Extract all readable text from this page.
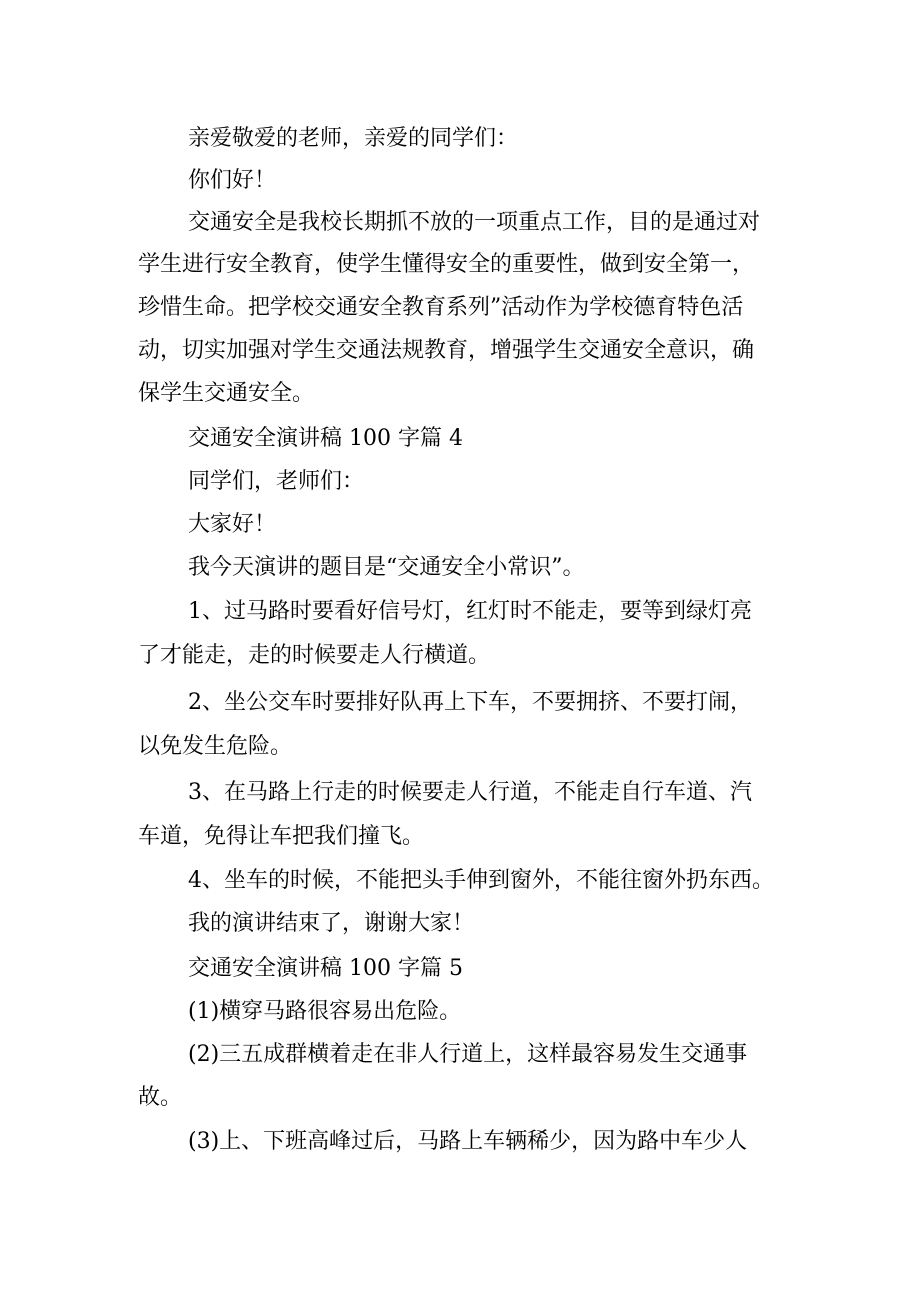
亲爱敬爱的老师，亲爱的同学们：

你们好！

交通安全是我校长期抓不放的一项重点工作，目的是通过对

学生进行安全教育，使学生懂得安全的重要性，做到安全第一，

珍惜生命。把学校交通安全教育系列”活动作为学校德育特色活

动，切实加强对学生交通法规教育，增强学生交通安全意识，确

保学生交通安全。

交通安全演讲稿 100 字篇 4

同学们，老师们：

大家好！

我今天演讲的题目是“交通安全小常识”。

1、过马路时要看好信号灯，红灯时不能走，要等到绿灯亮

了才能走，走的时候要走人行横道。

2、坐公交车时要排好队再上下车，不要拥挤、不要打闹，

以免发生危险。

3、在马路上行走的时候要走人行道，不能走自行车道、汽

车道，免得让车把我们撞飞。

4、坐车的时候，不能把头手伸到窗外，不能往窗外扔东西。

我的演讲结束了，谢谢大家！

交通安全演讲稿 100 字篇 5

(1)横穿马路很容易出危险。

(2)三五成群横着走在非人行道上，这样最容易发生交通事

故。

(3)上、下班高峰过后，马路上车辆稀少，因为路中车少人
